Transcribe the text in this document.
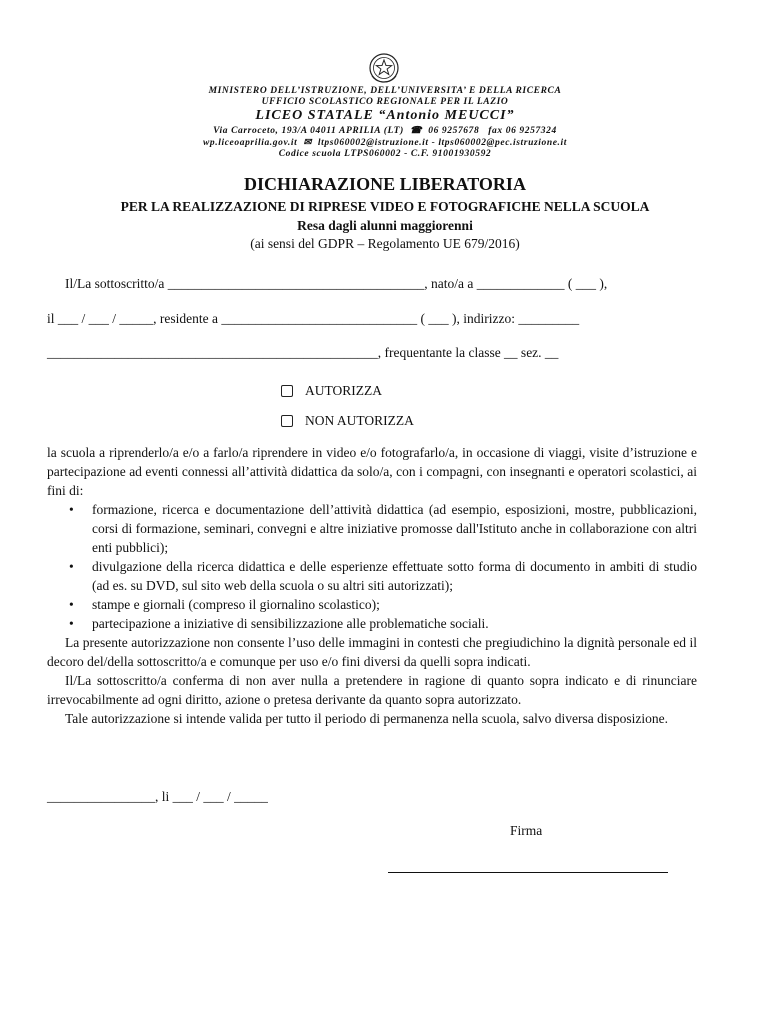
MINISTERO DELL’ISTRUZIONE, DELL’UNIVERSITA’ E DELLA RICERCA
UFFICIO SCOLASTICO REGIONALE PER IL LAZIO
LICEO STATALE “Antonio MEUCCI”
Via Carroceto, 193/A 04011 APRILIA (LT)  ☎  06 9257678 fax 06 9257324
wp.liceoaprilia.gov.it  ✉  ltps060002@istruzione.it - ltps060002@pec.istruzione.it
Codice scuola LTPS060002 - C.F. 91001930592
DICHIARAZIONE LIBERATORIA
PER LA REALIZZAZIONE DI RIPRESE VIDEO E FOTOGRAFICHE NELLA SCUOLA
Resa dagli alunni maggiorenni
(ai sensi del GDPR – Regolamento UE 679/2016)
Il/La sottoscritto/a ______________________________________, nato/a a _____________ ( ___ ),
il ___ / ___ / _____, residente a _____________________________ ( ___ ), indirizzo: _________
_________________________________________________, frequentante la classe __ sez. __
AUTORIZZA
NON AUTORIZZA

la scuola a riprenderlo/a e/o a farlo/a riprendere in video e/o fotografarlo/a, in occasione di viaggi, visite d’istruzione e partecipazione ad eventi connessi all’attività didattica da solo/a, con i compagni, con insegnanti e operatori scolastici, ai fini di:

• formazione, ricerca e documentazione dell’attività didattica (ad esempio, esposizioni, mostre, pubblicazioni, corsi di formazione, seminari, convegni e altre iniziative promosse dall'Istituto anche in collaborazione con altri enti pubblici);
• divulgazione della ricerca didattica e delle esperienze effettuate sotto forma di documento in ambiti di studio (ad es. su DVD, sul sito web della scuola o su altri siti autorizzati);
• stampe e giornali (compreso il giornalino scolastico);
• partecipazione a iniziative di sensibilizzazione alle problematiche sociali.

La presente autorizzazione non consente l’uso delle immagini in contesti che pregiudichino la dignità personale ed il decoro del/della sottoscritto/a e comunque per uso e/o fini diversi da quelli sopra indicati.

Il/La sottoscritto/a conferma di non aver nulla a pretendere in ragione di quanto sopra indicato e di rinunciare irrevocabilmente ad ogni diritto, azione o pretesa derivante da quanto sopra autorizzato.

Tale autorizzazione si intende valida per tutto il periodo di permanenza nella scuola, salvo diversa disposizione.

________________, li ___ / ___ / _____
Firma
